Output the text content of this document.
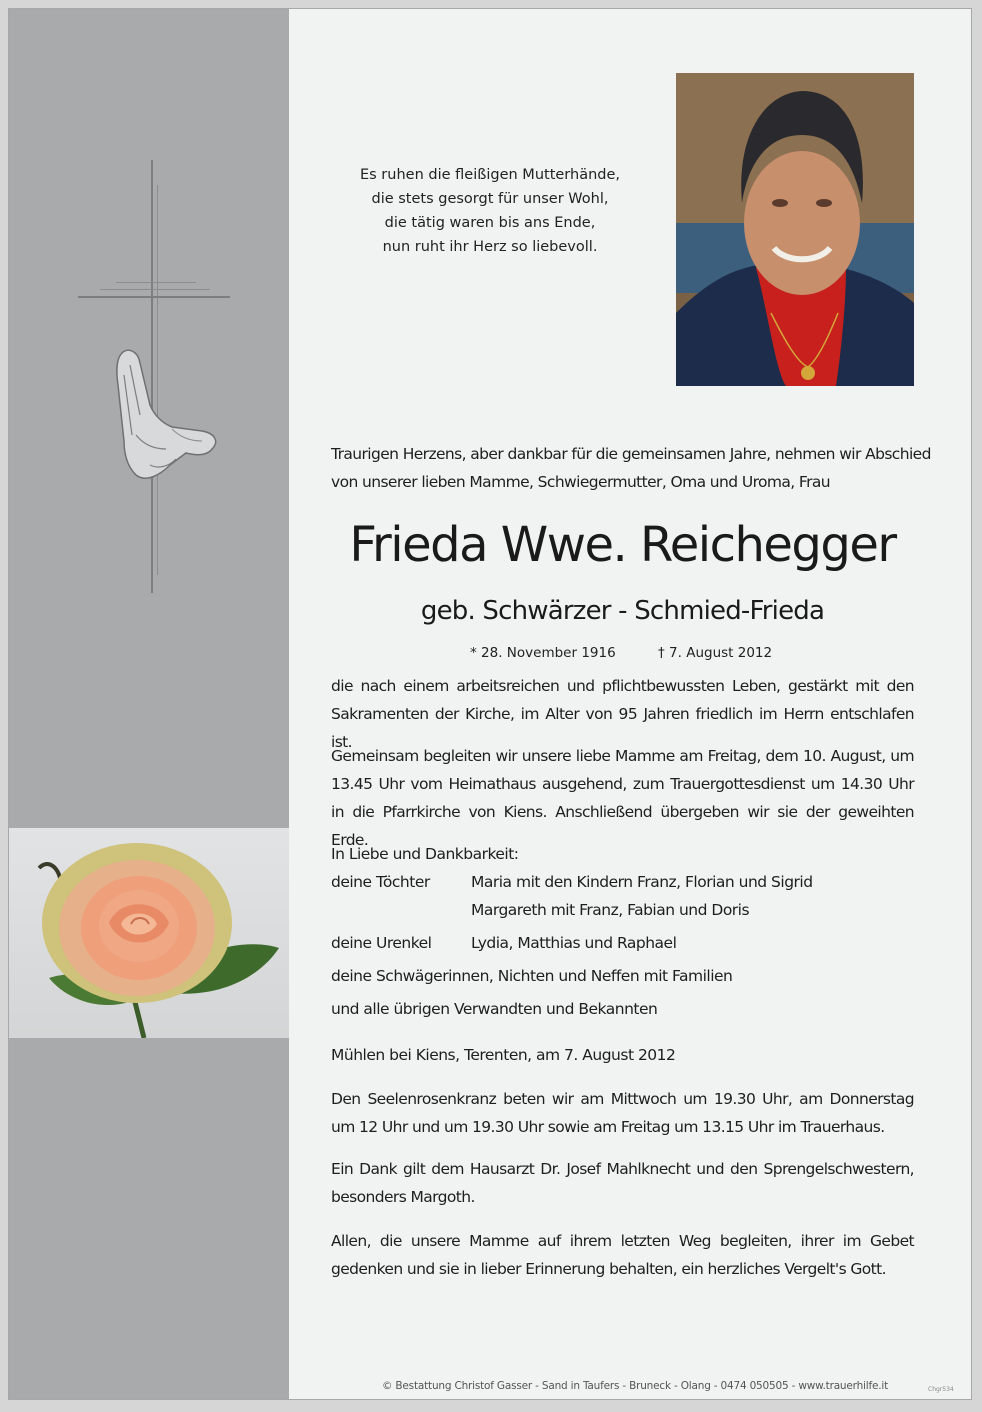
Es ruhen die fleißigen Mutterhände,
die stets gesorgt für unser Wohl,
die tätig waren bis ans Ende,
nun ruht ihr Herz so liebevoll.
Traurigen Herzens, aber dankbar für die gemeinsamen Jahre, nehmen wir Abschied
von unserer lieben Mamme, Schwiegermutter, Oma und Uroma, Frau
Frieda Wwe. Reichegger
geb. Schwärzer - Schmied-Frieda
* 28. November 1916	† 7. August 2012
die nach einem arbeitsreichen und pflichtbewussten Leben, gestärkt mit den Sakramenten der Kirche, im Alter von 95 Jahren friedlich im Herrn entschlafen ist.
Gemeinsam begleiten wir unsere liebe Mamme am Freitag, dem 10. August, um 13.45 Uhr vom Heimathaus ausgehend, zum Trauergottesdienst um 14.30 Uhr in die Pfarrkirche von Kiens. Anschließend übergeben wir sie der geweihten Erde.
In Liebe und Dankbarkeit:
deine Töchter	Maria mit den Kindern Franz, Florian und Sigrid
Margareth mit Franz, Fabian und Doris
deine Urenkel	Lydia, Matthias und Raphael
deine Schwägerinnen, Nichten und Neffen mit Familien
und alle übrigen Verwandten und Bekannten
Mühlen bei Kiens, Terenten, am 7. August 2012
Den Seelenrosenkranz beten wir am Mittwoch um 19.30 Uhr, am Donnerstag um 12 Uhr und um 19.30 Uhr sowie am Freitag um 13.15 Uhr im Trauerhaus.
Ein Dank gilt dem Hausarzt Dr. Josef Mahlknecht und den Sprengelschwestern, besonders Margoth.
Allen, die unsere Mamme auf ihrem letzten Weg begleiten, ihrer im Gebet gedenken und sie in lieber Erinnerung behalten, ein herzliches Vergelt's Gott.
© Bestattung Christof Gasser - Sand in Taufers - Bruneck - Olang - 0474 050505 - www.trauerhilfe.it	Chgr534
